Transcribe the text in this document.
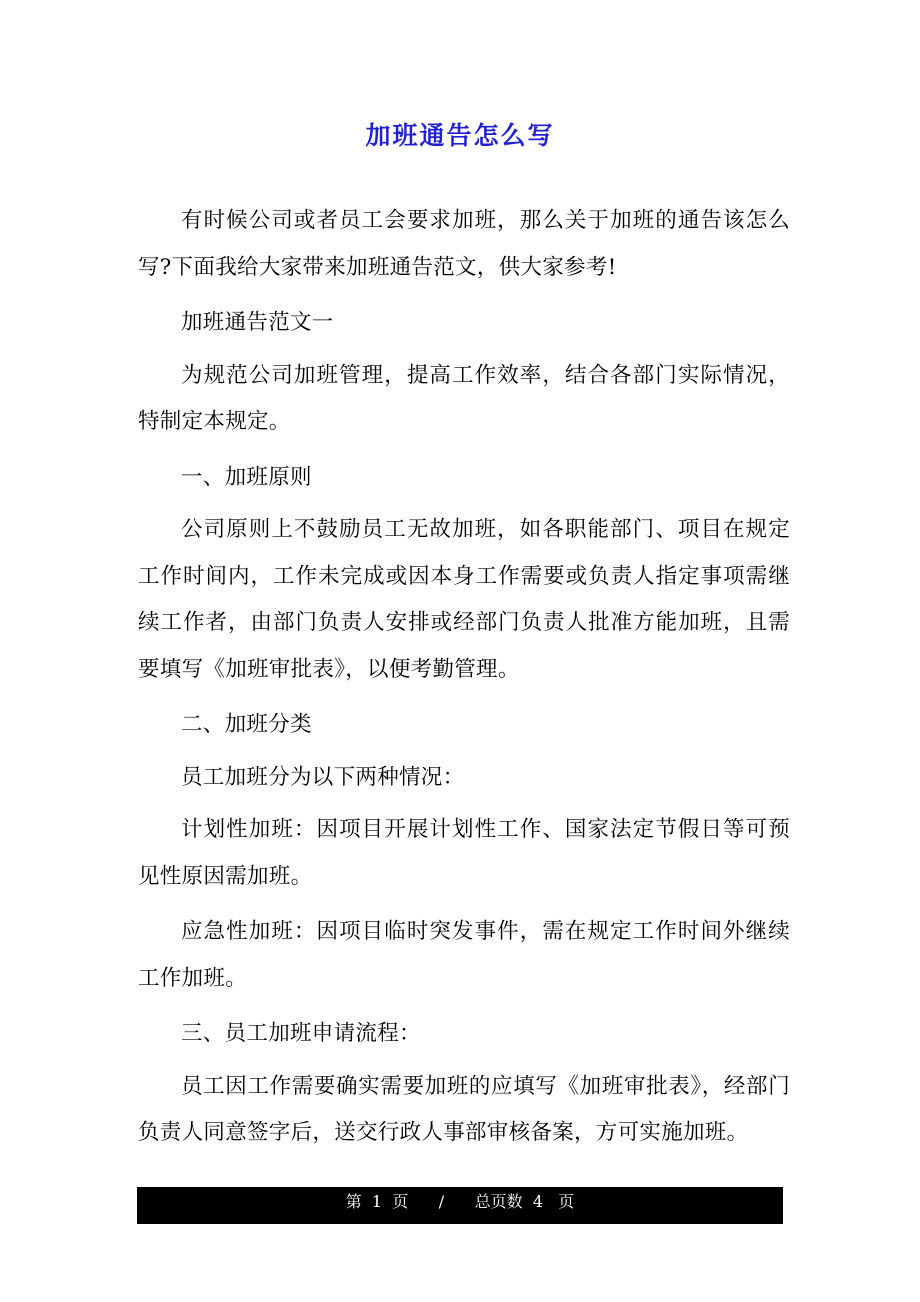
加班通告怎么写

有时候公司或者员工会要求加班，那么关于加班的通告该怎么写?下面我给大家带来加班通告范文，供大家参考!

加班通告范文一

为规范公司加班管理，提高工作效率，结合各部门实际情况，特制定本规定。

一、加班原则

公司原则上不鼓励员工无故加班，如各职能部门、项目在规定工作时间内，工作未完成或因本身工作需要或负责人指定事项需继续工作者，由部门负责人安排或经部门负责人批准方能加班，且需要填写《加班审批表》，以便考勤管理。

二、加班分类

员工加班分为以下两种情况：

计划性加班：因项目开展计划性工作、国家法定节假日等可预见性原因需加班。

应急性加班：因项目临时突发事件，需在规定工作时间外继续工作加班。

三、员工加班申请流程：

员工因工作需要确实需要加班的应填写《加班审批表》，经部门负责人同意签字后，送交行政人事部审核备案，方可实施加班。

第  1  页 / 总页数  4   页
